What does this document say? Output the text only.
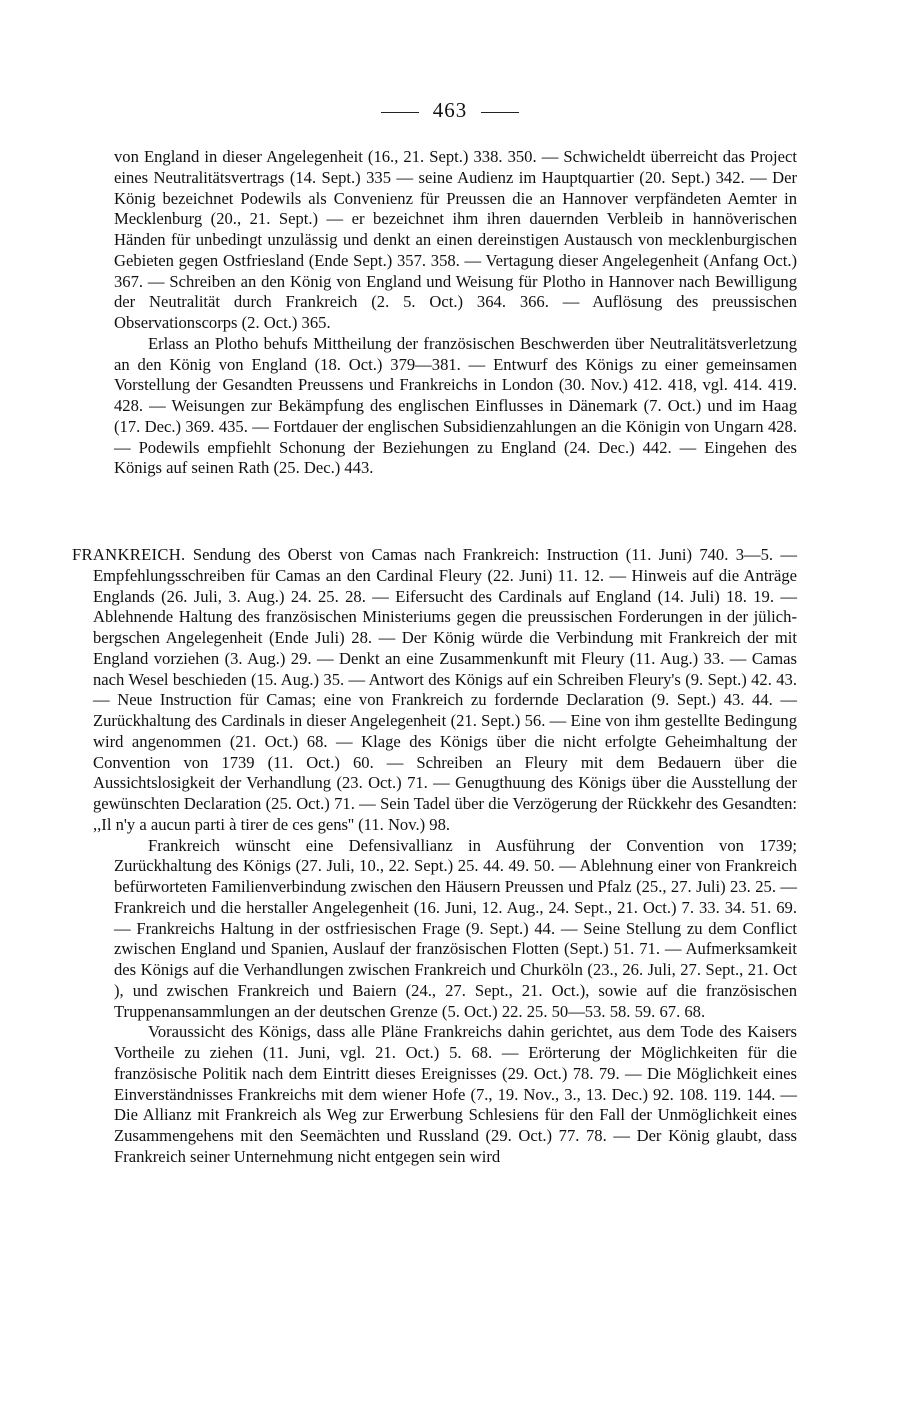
463

von England in dieser Angelegenheit (16., 21. Sept.) 338. 350. — Schwicheldt überreicht das Project eines Neutralitätsvertrags (14. Sept.) 335 — seine Audienz im Hauptquartier (20. Sept.) 342. — Der König bezeichnet Podewils als Convenienz für Preussen die an Hannover verpfändeten Aemter in Mecklenburg (20., 21. Sept.) — er bezeichnet ihm ihren dauernden Verbleib in hannöverischen Händen für unbedingt unzulässig und denkt an einen dereinstigen Austausch von mecklenburgischen Gebieten gegen Ostfriesland (Ende Sept.) 357. 358. — Vertagung dieser Angelegenheit (Anfang Oct.) 367. — Schreiben an den König von England und Weisung für Plotho in Hannover nach Bewilligung der Neutralität durch Frankreich (2. 5. Oct.) 364. 366. — Auflösung des preussischen Observationscorps (2. Oct.) 365.

Erlass an Plotho behufs Mittheilung der französischen Beschwerden über Neutralitätsverletzung an den König von England (18. Oct.) 379—381. — Entwurf des Königs zu einer gemeinsamen Vorstellung der Gesandten Preussens und Frankreichs in London (30. Nov.) 412. 418, vgl. 414. 419. 428. — Weisungen zur Bekämpfung des englischen Einflusses in Dänemark (7. Oct.) und im Haag (17. Dec.) 369. 435. — Fortdauer der englischen Subsidienzahlungen an die Königin von Ungarn 428. — Podewils empfiehlt Schonung der Beziehungen zu England (24. Dec.) 442. — Eingehen des Königs auf seinen Rath (25. Dec.) 443.

FRANKREICH. Sendung des Oberst von Camas nach Frankreich: Instruction (11. Juni) 740. 3—5. — Empfehlungsschreiben für Camas an den Cardinal Fleury (22. Juni) 11. 12. — Hinweis auf die Anträge Englands (26. Juli, 3. Aug.) 24. 25. 28. — Eifersucht des Cardinals auf England (14. Juli) 18. 19. — Ablehnende Haltung des französischen Ministeriums gegen die preussischen Forderungen in der jülich-bergschen Angelegenheit (Ende Juli) 28. — Der König würde die Verbindung mit Frankreich der mit England vorziehen (3. Aug.) 29. — Denkt an eine Zusammenkunft mit Fleury (11. Aug.) 33. — Camas nach Wesel beschieden (15. Aug.) 35. — Antwort des Königs auf ein Schreiben Fleury's (9. Sept.) 42. 43. — Neue Instruction für Camas; eine von Frankreich zu fordernde Declaration (9. Sept.) 43. 44. — Zurückhaltung des Cardinals in dieser Angelegenheit (21. Sept.) 56. — Eine von ihm gestellte Bedingung wird angenommen (21. Oct.) 68. — Klage des Königs über die nicht erfolgte Geheimhaltung der Convention von 1739 (11. Oct.) 60. — Schreiben an Fleury mit dem Bedauern über die Aussichtslosigkeit der Verhandlung (23. Oct.) 71. — Genugthuung des Königs über die Ausstellung der gewünschten Declaration (25. Oct.) 71. — Sein Tadel über die Verzögerung der Rückkehr des Gesandten: ,,Il n'y a aucun parti à tirer de ces gens'' (11. Nov.) 98.

Frankreich wünscht eine Defensivallianz in Ausführung der Convention von 1739; Zurückhaltung des Königs (27. Juli, 10., 22. Sept.) 25. 44. 49. 50. — Ablehnung einer von Frankreich befürworteten Familienverbindung zwischen den Häusern Preussen und Pfalz (25., 27. Juli) 23. 25. — Frankreich und die herstaller Angelegenheit (16. Juni, 12. Aug., 24. Sept., 21. Oct.) 7. 33. 34. 51. 69. — Frankreichs Haltung in der ostfriesischen Frage (9. Sept.) 44. — Seine Stellung zu dem Conflict zwischen England und Spanien, Auslauf der französischen Flotten (Sept.) 51. 71. — Aufmerksamkeit des Königs auf die Verhandlungen zwischen Frankreich und Churköln (23., 26. Juli, 27. Sept., 21. Oct ), und zwischen Frankreich und Baiern (24., 27. Sept., 21. Oct.), sowie auf die französischen Truppenansammlungen an der deutschen Grenze (5. Oct.) 22. 25. 50—53. 58. 59. 67. 68.

Voraussicht des Königs, dass alle Pläne Frankreichs dahin gerichtet, aus dem Tode des Kaisers Vortheile zu ziehen (11. Juni, vgl. 21. Oct.) 5. 68. — Erörterung der Möglichkeiten für die französische Politik nach dem Eintritt dieses Ereignisses (29. Oct.) 78. 79. — Die Möglichkeit eines Einverständnisses Frankreichs mit dem wiener Hofe (7., 19. Nov., 3., 13. Dec.) 92. 108. 119. 144. — Die Allianz mit Frankreich als Weg zur Erwerbung Schlesiens für den Fall der Unmöglichkeit eines Zusammengehens mit den Seemächten und Russland (29. Oct.) 77. 78. — Der König glaubt, dass Frankreich seiner Unternehmung nicht entgegen sein wird
